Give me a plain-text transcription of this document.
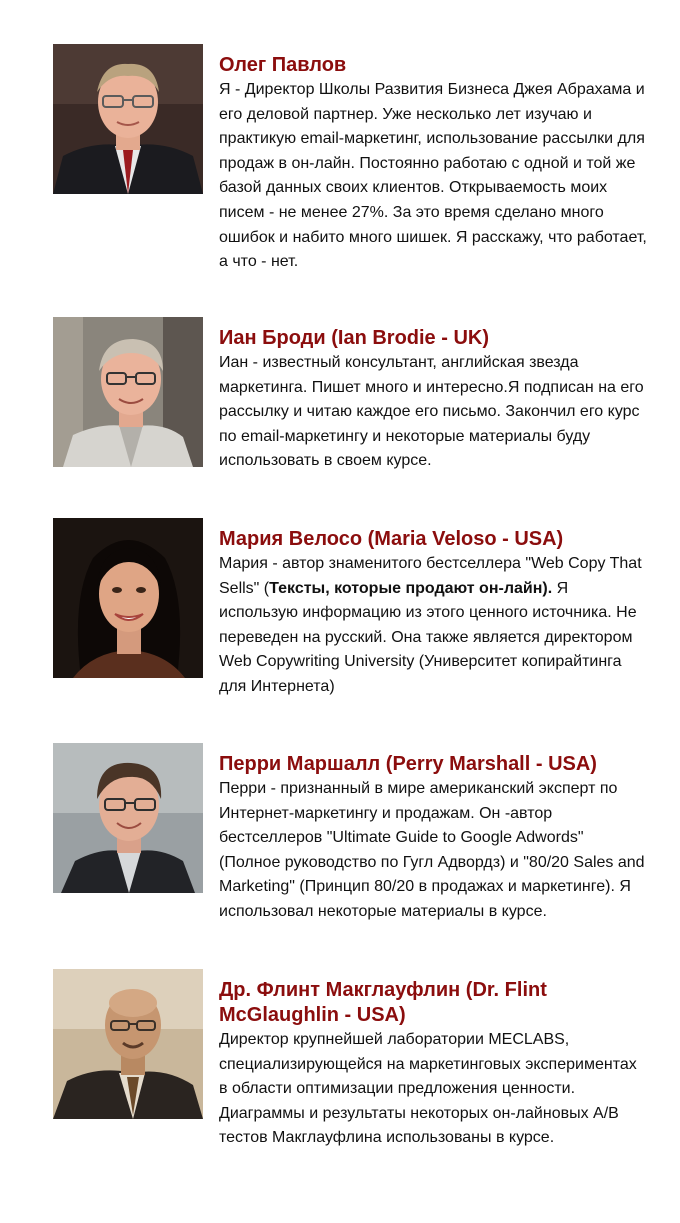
Олег Павлов

Я - Директор Школы Развития Бизнеса Джея Абрахама и его деловой партнер. Уже несколько лет изучаю и практикую email-маркетинг, использование рассылки для продаж в он-лайн. Постоянно работаю с одной и той же базой данных своих клиентов. Открываемость моих писем - не менее 27%. За это время сделано много ошибок и набито много шишек. Я расскажу, что работает, а что - нет.

Иан Броди (Ian Brodie - UK)

Иан - известный консультант, английская звезда маркетинга. Пишет много и интересно.Я подписан на его рассылку и читаю каждое его письмо. Закончил его курс по email-маркетингу и некоторые материалы буду использовать в своем курсе.

Мария Велосо (Maria Veloso - USA)

Мария - автор знаменитого бестселлера "Web Copy That Sells" (Тексты, которые продают он-лайн). Я использую информацию из этого ценного источника. Не переведен на русский. Она также является директором Web Copywriting University (Университет копирайтинга для Интернета)

Перри Маршалл (Perry Marshall - USA)

Перри - признанный в мире американский эксперт по Интернет-маркетингу и продажам. Он -автор бестселлеров "Ultimate Guide to Google Adwords" (Полное руководство по Гугл Адвордз) и "80/20 Sales and Marketing" (Принцип 80/20 в продажах и маркетинге). Я использовал некоторые материалы в курсе.

Др. Флинт Макглауфлин (Dr. Flint McGlaughlin - USA)

Директор крупнейшей лаборатории MECLABS, специализирующейся на маркетинговых экспериментах в области оптимизации предложения ценности. Диаграммы и результаты некоторых он-лайновых A/B тестов Макглауфлина использованы в курсе.
